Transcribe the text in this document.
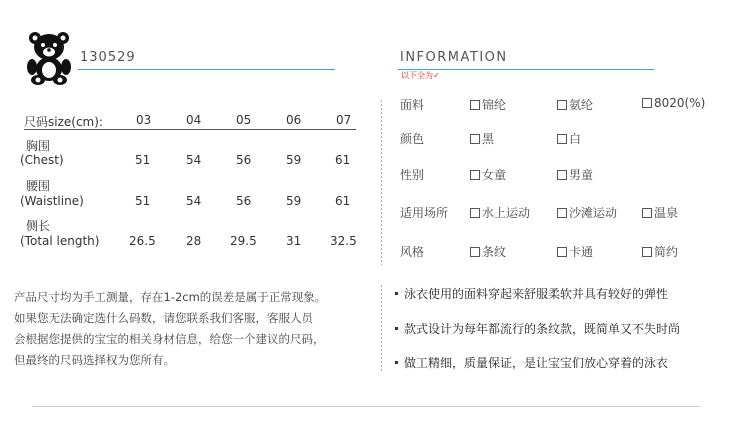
130529	INFORMATION
以下全为✓
尺码size(cm):	03	04	05	06	07
胸围
(Chest)	51	54	56	59	61
腰围
(Waistline)	51	54	56	59	61
侧长
(Total length) 26.5	28 29.5 31 32.5
面料	锦纶	氨纶	8020(%)
颜色	黑	白
性别	女童	男童
适用场所	水上运动	沙滩运动	温泉
风格	条纹	卡通	简约
产品尺寸均为手工测量，存在1-2cm的误差是属于正常现象。
如果您无法确定选什么码数，请您联系我们客服，客服人员
会根据您提供的宝宝的相关身材信息，给您一个建议的尺码，
但最终的尺码选择权为您所有。
泳衣使用的面料穿起来舒服柔软并具有较好的弹性
款式设计为每年都流行的条纹款，既简单又不失时尚
做工精细，质量保证，是让宝宝们放心穿着的泳衣
